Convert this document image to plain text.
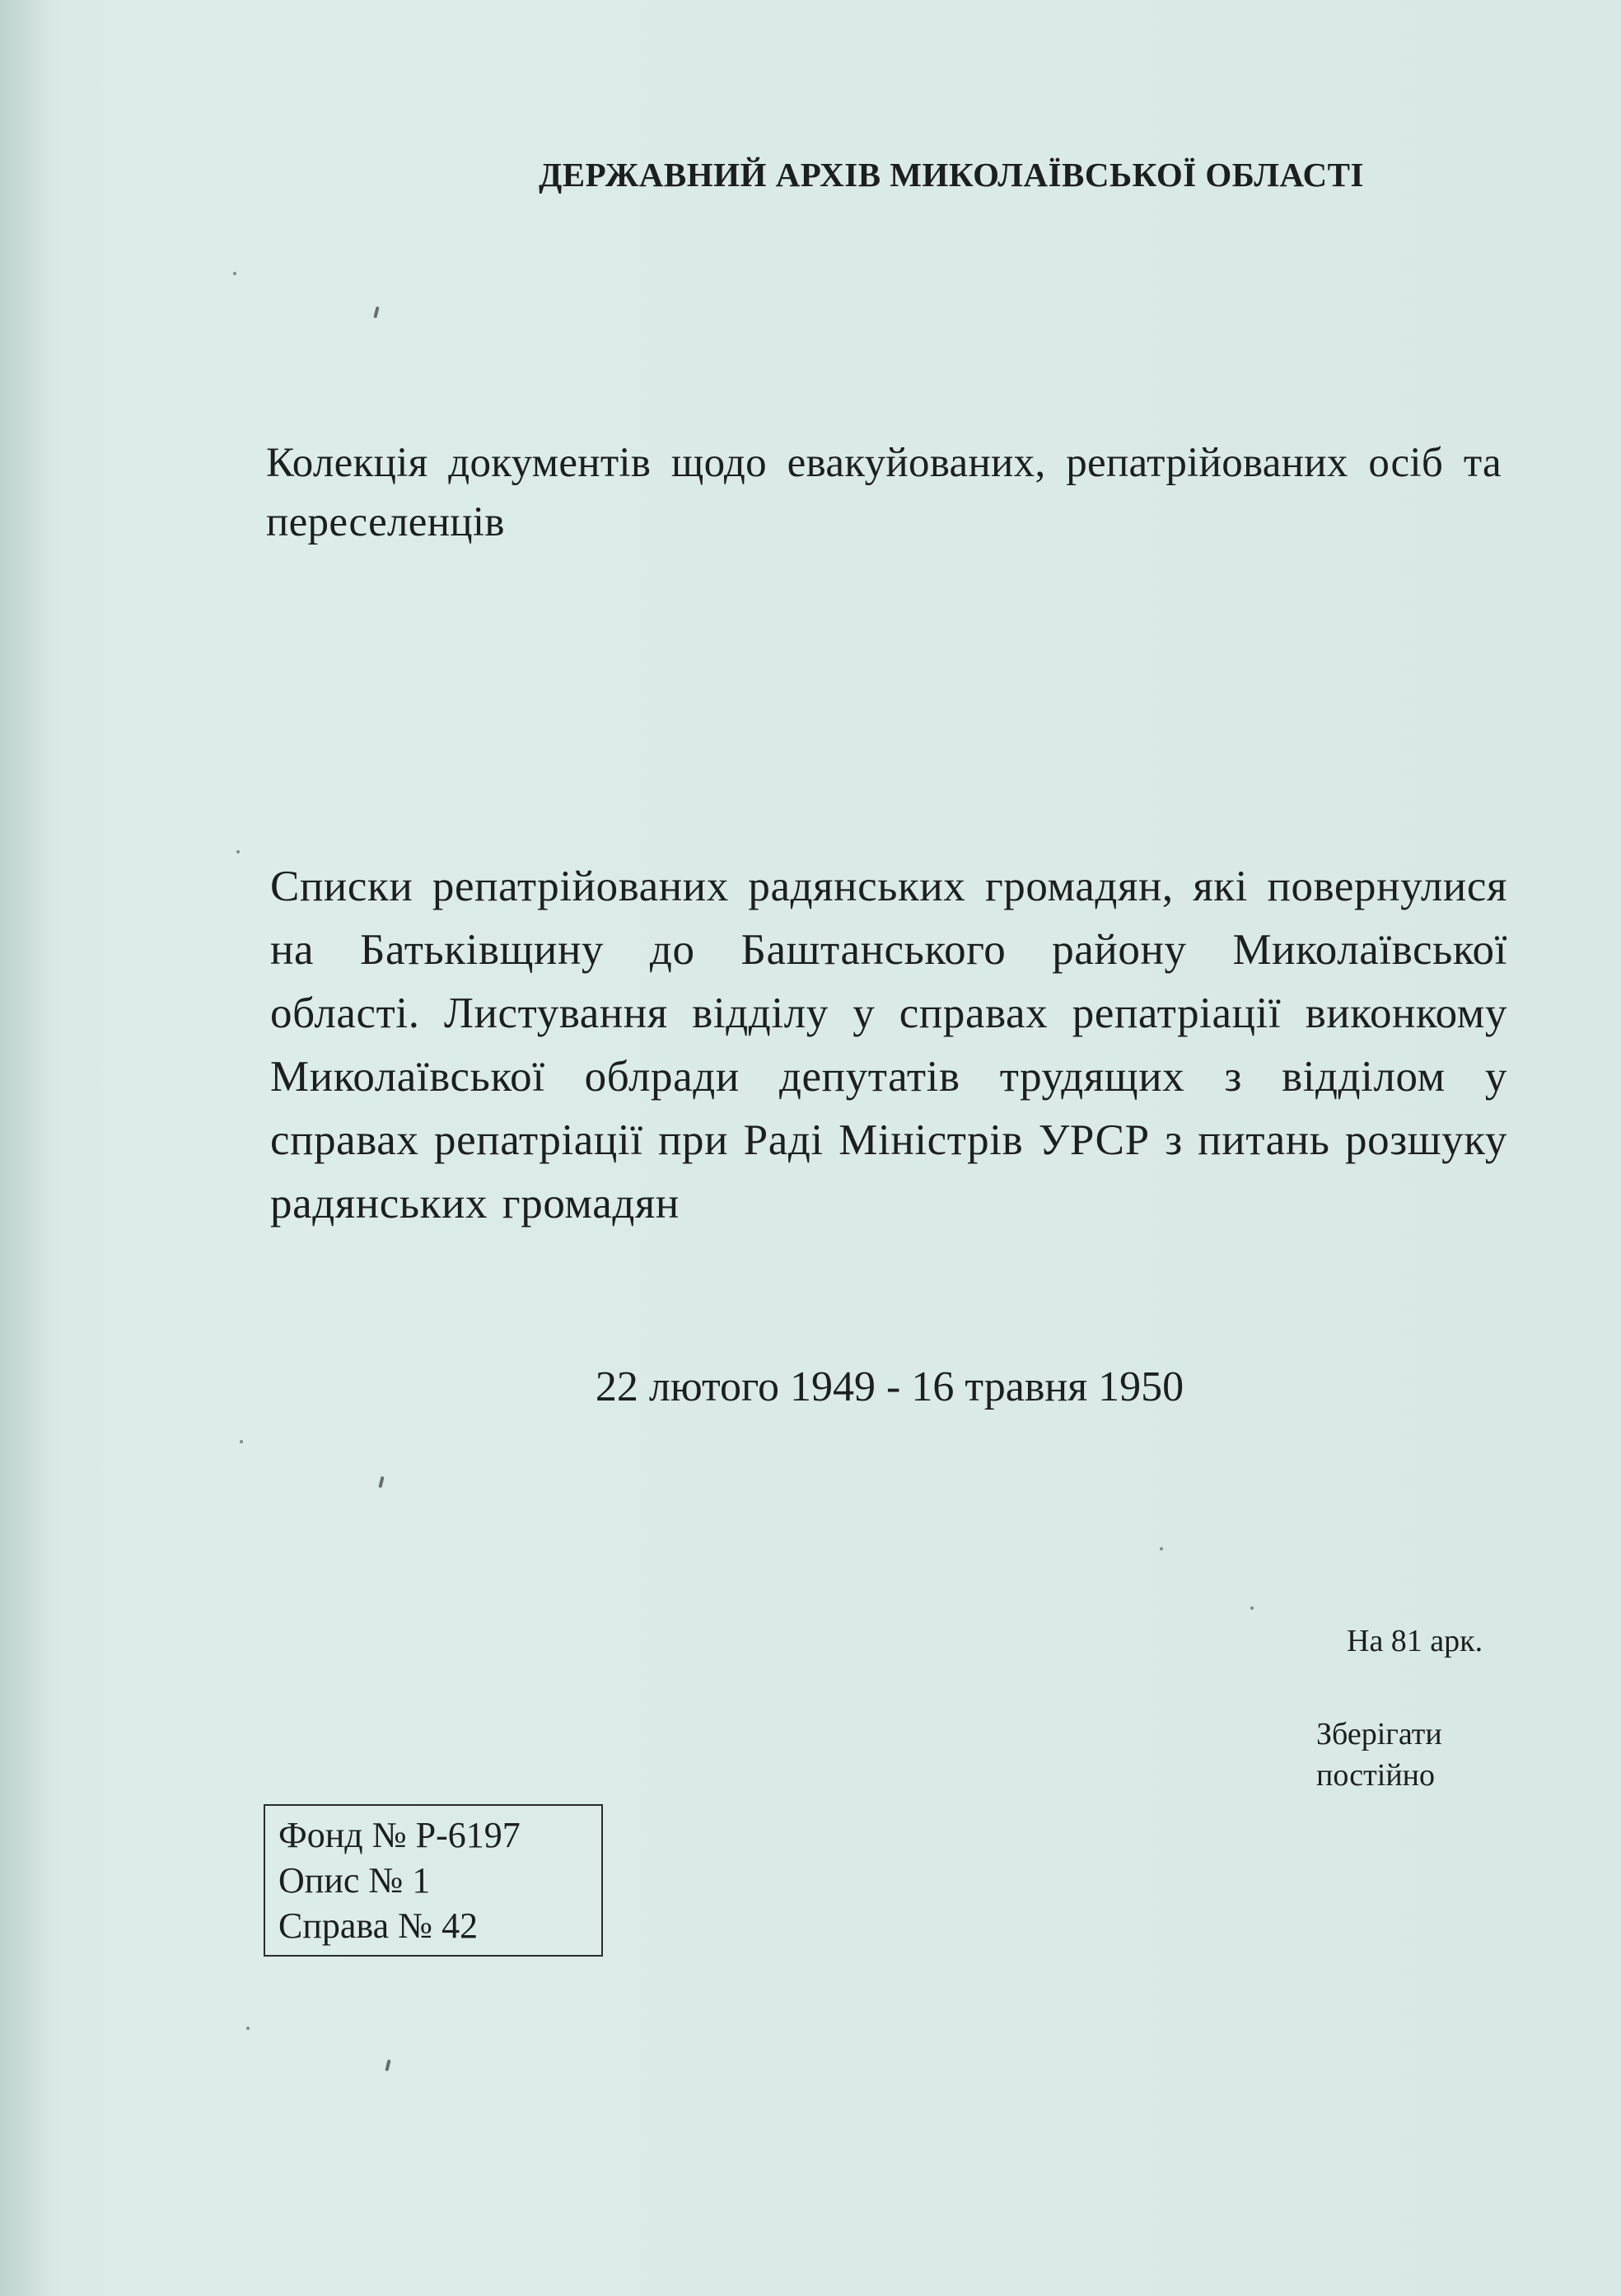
ДЕРЖАВНИЙ АРХІВ МИКОЛАЇВСЬКОЇ ОБЛАСТІ
Колекція документів щодо евакуйованих, репатрійованих осіб та переселенців
Списки репатрійованих радянських громадян, які повернулися на Батьківщину до Баштанського району Миколаївської області. Листування відділу у справах репатріації виконкому Миколаївської облради депутатів трудящих з відділом у справах репатріації при Раді Міністрів УРСР з питань розшуку радянських громадян
22 лютого 1949 - 16 травня 1950
На 81 арк.
Зберігати
постійно
Фонд № Р-6197
Опис № 1
Справа № 42
